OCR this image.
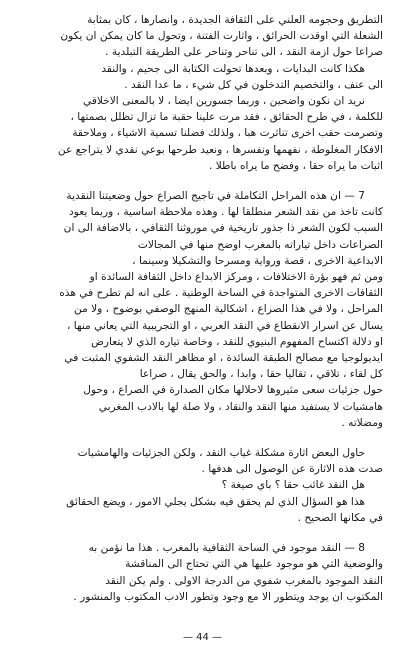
التطريق وحجومه العلني على الثقافة الجديدة ، وانصارها ، كان بمثابة
الشعلة التي اوقدت الحرائق ، واثارت الفتنة ، وتحول ما كان يمكن ان يكون
صراعا حول ازمة النقد ، الى تناحر وتناحر على الطريقة التبلدية .
هكذا كانت البدايات ، وبعدها تحولت الكتابة الى جحيم ، والنقد
الى عنف ، والتخصيم التدخلون في كل شيء ، ما عدا النقد .
نريد ان نكون واضحين ، وربما جسورين ايضا ، لا بالمعنى الاخلاقي
للكلمة ، في طرح الحقائق ، فقد مرت علينا حقبة ما تزال تظلل بصمتها ،
وتصرمت حقب اخرى تناثرت هبا ، ولذلك فضلنا تسمية الاشياء ، وملاحقة
الافكار المغلوطة ، نفهمها ونفسرها ، ونعيد طرحها بوعي نقدي لا يتراجع عن
اثبات ما يراه حقا ، وفضح ما يراه باطلا .

7 — ان هذه المراحل التكاملة في تاجيج الصراع حول وضعيتنا النقدية
كانت تاخذ من نقد الشعر منطلقا لها . وهذه ملاحظة اساسية ، وربما يعود
السبب لكون الشعر ذا جذور تاريخية في موروثنا الثقافي ، بالاضافة الى ان
الصراعات داخل تياراته بالمغرب اوضح منها في المجالات
الابداعية الاخرى ، قصة ورواية ومسرحا والتشكيلا وسينما ،
ومن ثم فهو بؤرة الاختلافات ، ومركز الابداع داخل الثقافة السائدة او
الثقافات الاخرى المتواجدة في الساحة الوطنية . على انه لم تطرح في هذه
المراحل ، ولا في هذا الصراع ، اشكالية المنهج الوصفي بوضوح ، ولا من
يسال عن اسرار الانقطاع في النقد العربي ، او التجريبية التي يعاني منها ،
او دلالة اكتساح المفهوم البنيوي للنقد ، وخاصة تياره الذي لا يتعارض
ايديولوجيا مع مصالح الطبقة السائدة ، او مظاهر النقد الشفوي المثبت في
كل لقاء ، تلاقي ، تقاليا حقا ، وابدا ، والحق يقال ، صراعا
حول جزئيات سعى مثيروها لاحلالها مكان الصدارة في الصراع ، وحول
هامشيات لا يستفيد منها النقد والنقاد ، ولا صلة لها بالادب المغربي
ومضلاته .

حاول البعض اثارة مشكلة غياب النقد ، ولكن الجزئيات والهامشيات
صدت هذه الاثارة عن الوصول الى هدفها .
هل النقد غائب حقا ؟ باي صيغة ؟
هذا هو السؤال الذي لم يحقق فيه بشكل يجلي الامور ، ويضع الحقائق
في مكانها الصحيح .

8 — النقد موجود في الساحة الثقافية بالمغرب . هذا ما نؤمن به
والوضعية التي هو موجود عليها هي التي تحتاج الى المناقشة
النقد الموجود بالمغرب شفوي من الدرجة الاولى . ولم يكن النقد
المكتوب ان يوجد ويتطور الا مع وجود وتطور الادب المكتوب والمنشور .

— 44 —
